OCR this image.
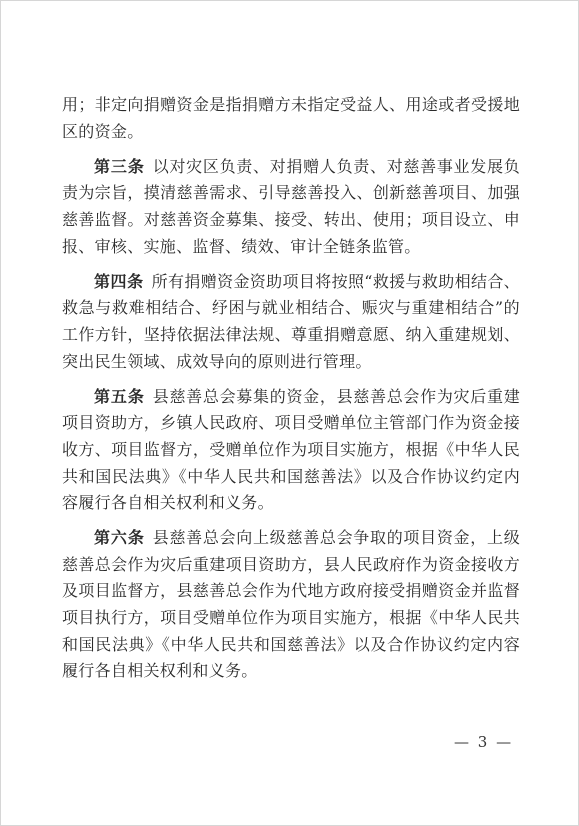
用；非定向捐赠资金是指捐赠方未指定受益人、用途或者受援地区的资金。

第三条 以对灾区负责、对捐赠人负责、对慈善事业发展负责为宗旨，摸清慈善需求、引导慈善投入、创新慈善项目、加强慈善监督。对慈善资金募集、接受、转出、使用；项目设立、申报、审核、实施、监督、绩效、审计全链条监管。

第四条 所有捐赠资金资助项目将按照“救援与救助相结合、救急与救难相结合、纾困与就业相结合、赈灾与重建相结合”的工作方针，坚持依据法律法规、尊重捐赠意愿、纳入重建规划、突出民生领域、成效导向的原则进行管理。

第五条 县慈善总会募集的资金，县慈善总会作为灾后重建项目资助方，乡镇人民政府、项目受赠单位主管部门作为资金接收方、项目监督方，受赠单位作为项目实施方，根据《中华人民共和国民法典》《中华人民共和国慈善法》以及合作协议约定内容履行各自相关权利和义务。

第六条 县慈善总会向上级慈善总会争取的项目资金，上级慈善总会作为灾后重建项目资助方，县人民政府作为资金接收方及项目监督方，县慈善总会作为代地方政府接受捐赠资金并监督项目执行方，项目受赠单位作为项目实施方，根据《中华人民共和国民法典》《中华人民共和国慈善法》以及合作协议约定内容履行各自相关权利和义务。

— 3 —
